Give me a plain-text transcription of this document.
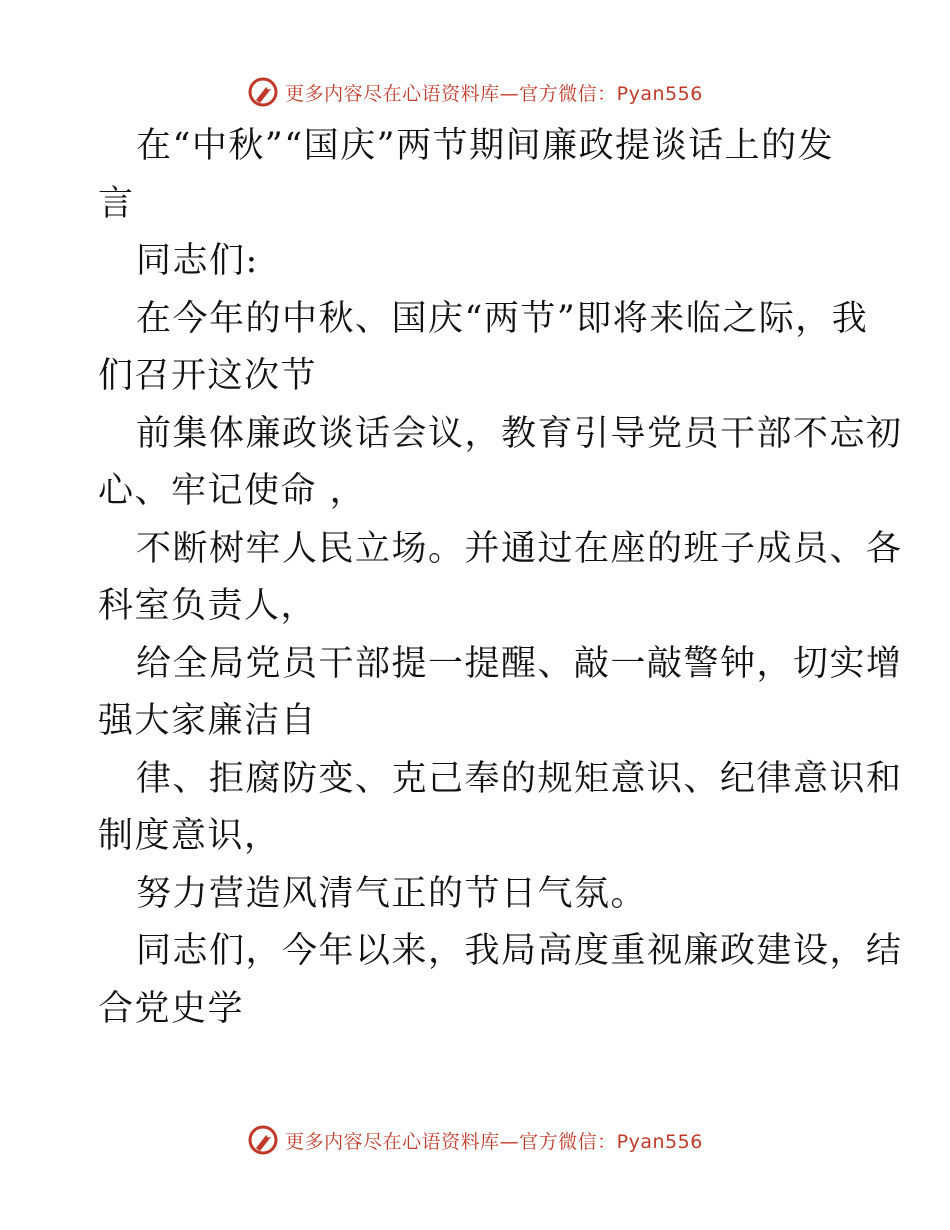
更多内容尽在心语资料库—官方微信：Pyan556
在“中秋”“国庆”两节期间廉政提谈话上的发
言
同志们:
在今年的中秋、国庆“两节”即将来临之际，我
们召开这次节
前集体廉政谈话会议，教育引导党员干部不忘初
心、牢记使命 ，
不断树牢人民立场。并通过在座的班子成员、各
科室负责人，
给全局党员干部提一提醒、敲一敲警钟，切实增
强大家廉洁自
律、拒腐防变、克己奉的规矩意识、纪律意识和
制度意识，
努力营造风清气正的节日气氛。
同志们，今年以来，我局高度重视廉政建设，结
合党史学
更多内容尽在心语资料库—官方微信：Pyan556
